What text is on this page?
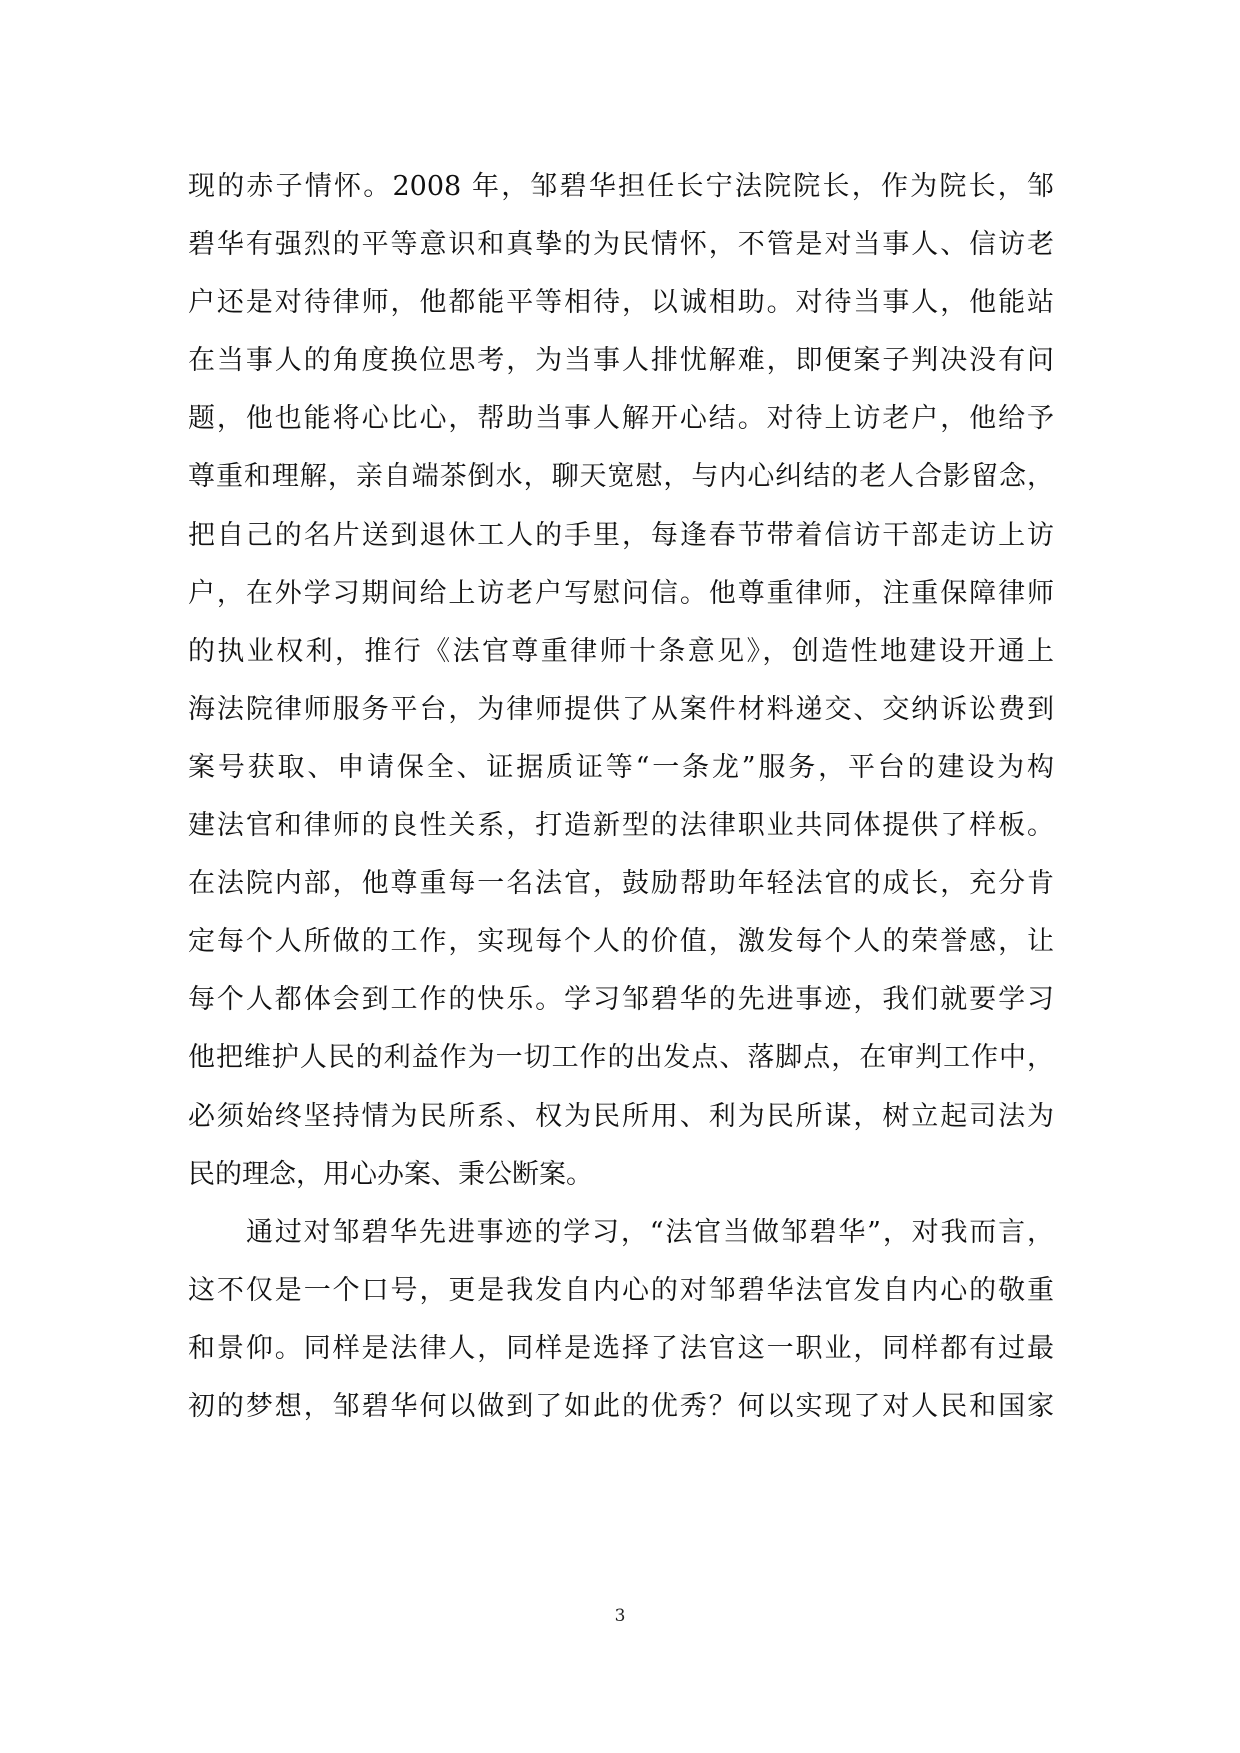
现的赤子情怀。2008 年，邹碧华担任长宁法院院长，作为院长，邹
碧华有强烈的平等意识和真挚的为民情怀，不管是对当事人、信访老
户还是对待律师，他都能平等相待，以诚相助。对待当事人，他能站
在当事人的角度换位思考，为当事人排忧解难，即便案子判决没有问
题，他也能将心比心，帮助当事人解开心结。对待上访老户，他给予
尊重和理解，亲自端茶倒水，聊天宽慰，与内心纠结的老人合影留念，
把自己的名片送到退休工人的手里，每逢春节带着信访干部走访上访
户，在外学习期间给上访老户写慰问信。他尊重律师，注重保障律师
的执业权利，推行《法官尊重律师十条意见》，创造性地建设开通上
海法院律师服务平台，为律师提供了从案件材料递交、交纳诉讼费到
案号获取、申请保全、证据质证等“一条龙”服务，平台的建设为构
建法官和律师的良性关系，打造新型的法律职业共同体提供了样板。
在法院内部，他尊重每一名法官，鼓励帮助年轻法官的成长，充分肯
定每个人所做的工作，实现每个人的价值，激发每个人的荣誉感，让
每个人都体会到工作的快乐。学习邹碧华的先进事迹，我们就要学习
他把维护人民的利益作为一切工作的出发点、落脚点，在审判工作中，
必须始终坚持情为民所系、权为民所用、利为民所谋，树立起司法为
民的理念，用心办案、秉公断案。
通过对邹碧华先进事迹的学习，“法官当做邹碧华”，对我而言，
这不仅是一个口号，更是我发自内心的对邹碧华法官发自内心的敬重
和景仰。同样是法律人，同样是选择了法官这一职业，同样都有过最
初的梦想，邹碧华何以做到了如此的优秀？何以实现了对人民和国家
3
